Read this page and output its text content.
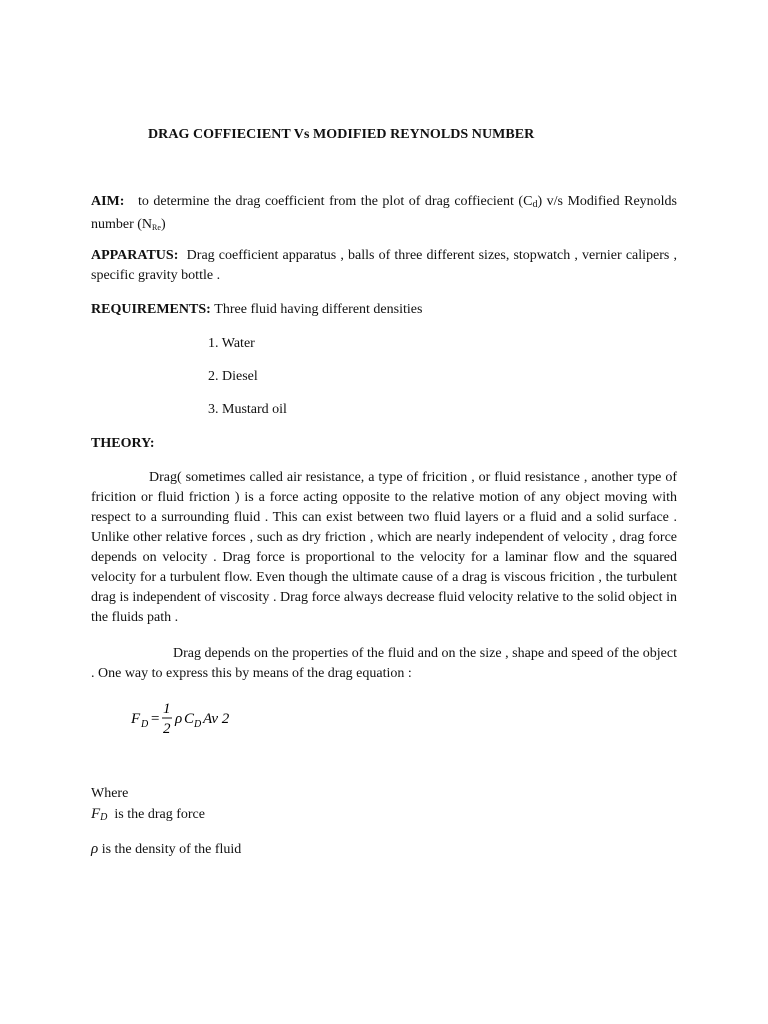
DRAG COFFIECIENT Vs MODIFIED REYNOLDS NUMBER
AIM: to determine the drag coefficient from the plot of drag coffiecient $(C_d)$ v/s Modified Reynolds number (NRe)
APPARATUS: Drag coefficient apparatus , balls of three different sizes, stopwatch , vernier calipers , specific gravity bottle .
REQUIREMENTS: Three fluid having different densities
1. Water
2. Diesel
3. Mustard oil
THEORY:
Drag( sometimes called air resistance, a type of fricition , or fluid resistance , another type of fricition or fluid friction ) is a force acting opposite to the relative motion of any object moving with respect to a surrounding fluid . This can exist between two fluid layers or a fluid and a solid surface . Unlike other relative forces , such as dry friction , which are nearly independent of velocity , drag force depends on velocity . Drag force is proportional to the velocity for a laminar flow and the squared velocity for a turbulent flow. Even though the ultimate cause of a drag is viscous fricition , the turbulent drag is independent of viscosity . Drag force always decrease fluid velocity relative to the solid object in the fluids path .
Drag depends on the properties of the fluid and on the size , shape and speed of the object . One way to express this by means of the drag equation :
F D =
1
2
ρ C D Av 2
Where
$F_D$ is the drag force
ρ is the density of the fluid
